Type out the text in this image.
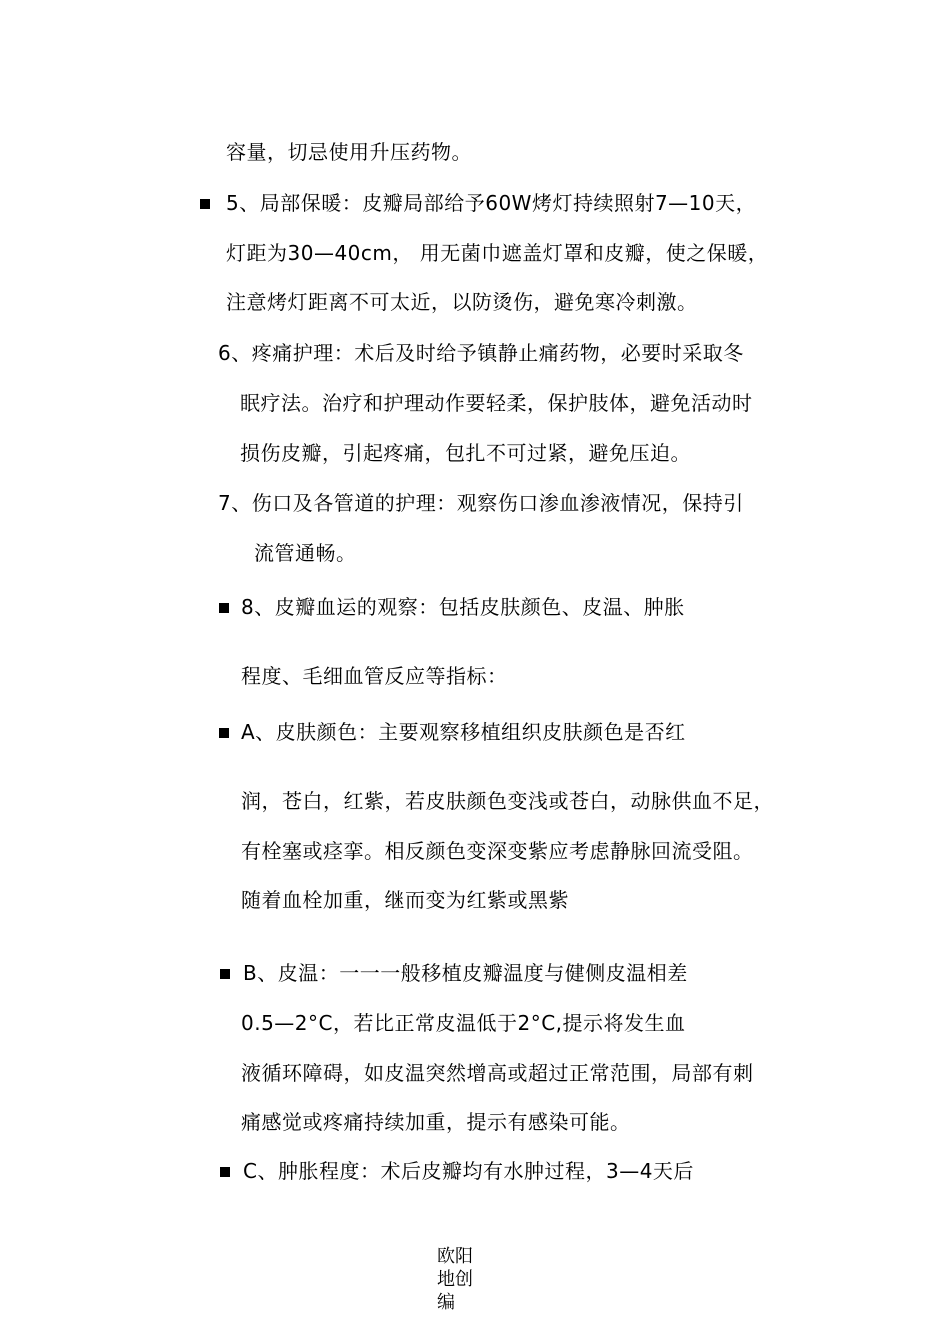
容量，切忌使用升压药物。
5、局部保暖：皮瓣局部给予60W烤灯持续照射7—10天，
灯距为30—40cm， 用无菌巾遮盖灯罩和皮瓣，使之保暖，
注意烤灯距离不可太近，以防烫伤，避免寒冷刺激。
6、疼痛护理：术后及时给予镇静止痛药物，必要时采取冬
眠疗法。治疗和护理动作要轻柔，保护肢体，避免活动时
损伤皮瓣，引起疼痛，包扎不可过紧，避免压迫。
7、伤口及各管道的护理：观察伤口渗血渗液情况，保持引
流管通畅。
8、皮瓣血运的观察：包括皮肤颜色、皮温、肿胀
程度、毛细血管反应等指标：
A、皮肤颜色：主要观察移植组织皮肤颜色是否红
润，苍白，红紫，若皮肤颜色变浅或苍白，动脉供血不足，
有栓塞或痉挛。相反颜色变深变紫应考虑静脉回流受阻。
随着血栓加重，继而变为红紫或黑紫
B、皮温：一一一般移植皮瓣温度与健侧皮温相差
0.5—2°C，若比正常皮温低于2°C,提示将发生血
液循环障碍，如皮温突然增高或超过正常范围，局部有刺
痛感觉或疼痛持续加重，提示有感染可能。
C、肿胀程度：术后皮瓣均有水肿过程，3—4天后
欧阳地创编
